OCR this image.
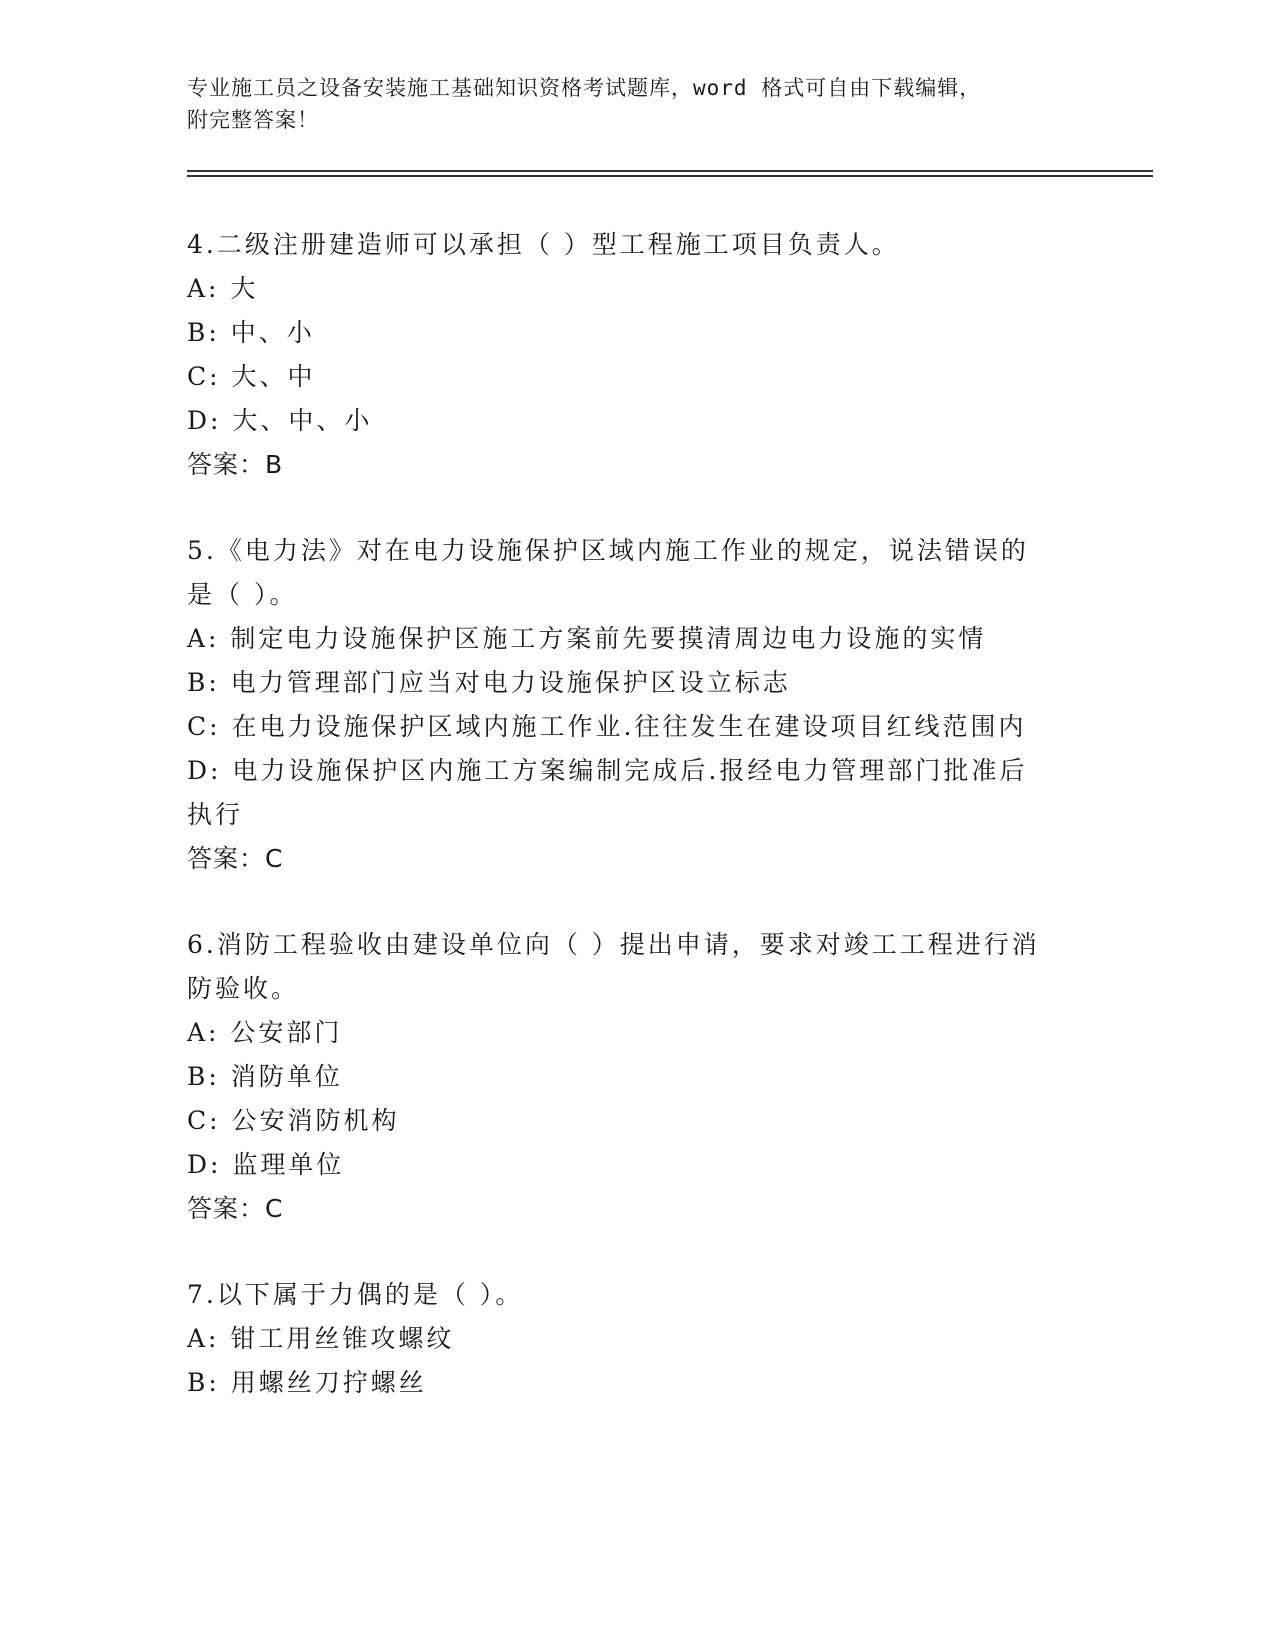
专业施工员之设备安装施工基础知识资格考试题库，word 格式可自由下载编辑，
附完整答案！
4.二级注册建造师可以承担（ ）型工程施工项目负责人。
A: 大
B: 中、小
C: 大、中
D: 大、中、小
答案：B
5.《电力法》对在电力设施保护区域内施工作业的规定，说法错误的
是（ ）。
A: 制定电力设施保护区施工方案前先要摸清周边电力设施的实情
B: 电力管理部门应当对电力设施保护区设立标志
C: 在电力设施保护区域内施工作业.往往发生在建设项目红线范围内
D: 电力设施保护区内施工方案编制完成后.报经电力管理部门批准后
执行
答案：C
6.消防工程验收由建设单位向（ ）提出申请，要求对竣工工程进行消
防验收。
A: 公安部门
B: 消防单位
C: 公安消防机构
D: 监理单位
答案：C
7.以下属于力偶的是（ ）。
A: 钳工用丝锥攻螺纹
B: 用螺丝刀拧螺丝
